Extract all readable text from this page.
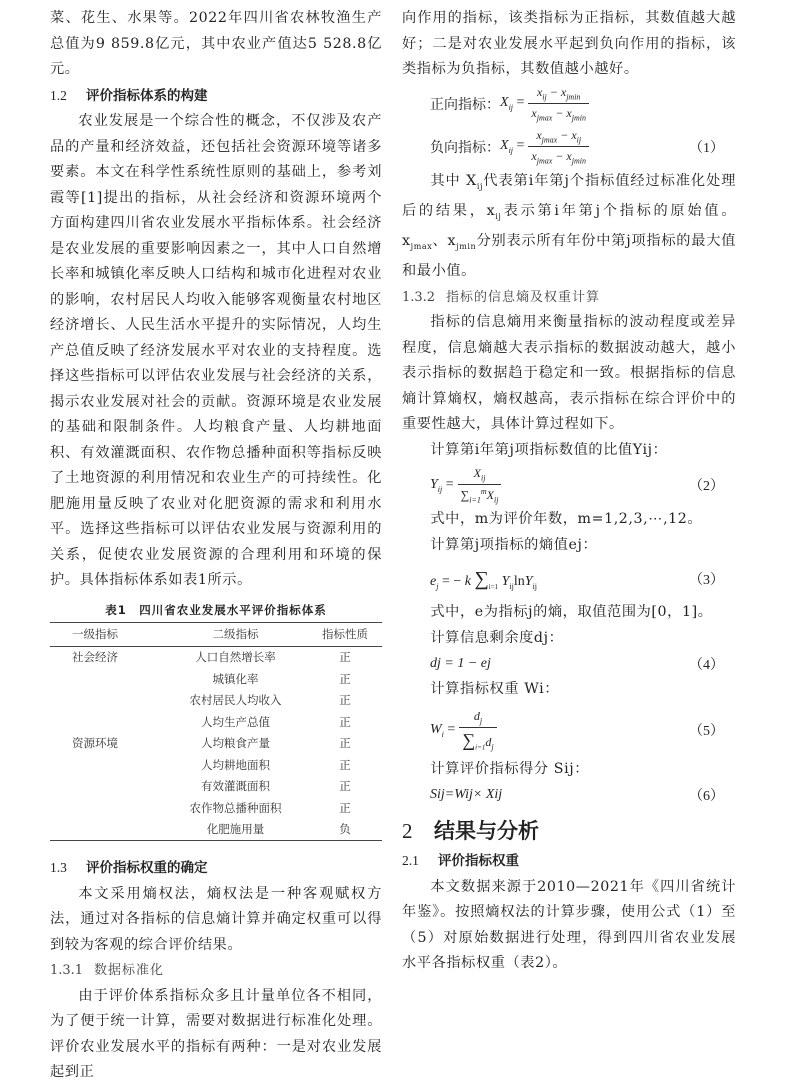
菜、花生、水果等。2022年四川省农林牧渔生产总值为9 859.8亿元，其中农业产值达5 528.8亿元。

1.2 评价指标体系的构建

农业发展是一个综合性的概念，不仅涉及农产品的产量和经济效益，还包括社会资源环境等诸多要素。本文在科学性系统性原则的基础上，参考刘霞等[1]提出的指标，从社会经济和资源环境两个方面构建四川省农业发展水平指标体系。社会经济是农业发展的重要影响因素之一，其中人口自然增长率和城镇化率反映人口结构和城市化进程对农业的影响，农村居民人均收入能够客观衡量农村地区经济增长、人民生活水平提升的实际情况，人均生产总值反映了经济发展水平对农业的支持程度。选择这些指标可以评估农业发展与社会经济的关系，揭示农业发展对社会的贡献。资源环境是农业发展的基础和限制条件。人均粮食产量、人均耕地面积、有效灌溉面积、农作物总播种面积等指标反映了土地资源的利用情况和农业生产的可持续性。化肥施用量反映了农业对化肥资源的需求和利用水平。选择这些指标可以评估农业发展与资源利用的关系，促使农业发展资源的合理利用和环境的保护。具体指标体系如表1所示。

表1　四川省农业发展水平评价指标体系
一级指标	二级指标	指标性质
社会经济	人口自然增长率	正
	城镇化率	正
	农村居民人均收入	正
	人均生产总值	正
资源环境	人均粮食产量	正
	人均耕地面积	正
	有效灌溉面积	正
	农作物总播种面积	正
	化肥施用量	负

1.3 评价指标权重的确定

本文采用熵权法，熵权法是一种客观赋权方法，通过对各指标的信息熵计算并确定权重可以得到较为客观的综合评价结果。

1.3.1 数据标准化

由于评价体系指标众多且计量单位各不相同，为了便于统一计算，需要对数据进行标准化处理。评价农业发展水平的指标有两种：一是对农业发展起到正

向作用的指标，该类指标为正指标，其数值越大越好；二是对农业发展水平起到负向作用的指标，该类指标为负指标，其数值越小越好。

正向指标： $X_{ij} = \frac{x_{ij} - x_{jmin}}{x_{jmax} - x_{jmin}}$
负向指标： $X_{ij} = \frac{x_{jmax} - x_{ij}}{x_{jmax} - x_{jmin}}$	（1）

其中 $X_{ij}$代表第i年第j个指标值经过标准化处理后的结果，$x_{ij}$表示第i年第j个指标的原始值。$x_{jmax}$、$x_{jmin}$分别表示所有年份中第j项指标的最大值和最小值。

1.3.2 指标的信息熵及权重计算

指标的信息熵用来衡量指标的波动程度或差异程度，信息熵越大表示指标的数据波动越大，越小表示指标的数据趋于稳定和一致。根据指标的信息熵计算熵权，熵权越高，表示指标在综合评价中的重要性越大，具体计算过程如下。

计算第i年第j项指标数值的比值Yij：

$Y_{ij} = \frac{X_{ij}}{\sum_{i=1}^mX_{ij}}$	（2）

式中，m为评价年数，m=1,2,3,⋯,12。

计算第j项指标的熵值ej：

$e_j$ = − k $\sum_{i=1}$ $Y_{ij}\ln Y_{ij}$	（3）

式中，e为指标j的熵，取值范围为[0，1]。

计算信息剩余度dj：

dj = 1 − ej	（4）

计算指标权重 Wi：

$W_i = \frac{d_j}{\sum_{i=1}d_j}$	（5）

计算评价指标得分 Sij：

Sij=Wij× Xij	（6）

2 结果与分析

2.1 评价指标权重

本文数据来源于2010—2021年《四川省统计年鉴》。按照熵权法的计算步骤，使用公式（1）至（5）对原始数据进行处理，得到四川省农业发展水平各指标权重（表2）。
